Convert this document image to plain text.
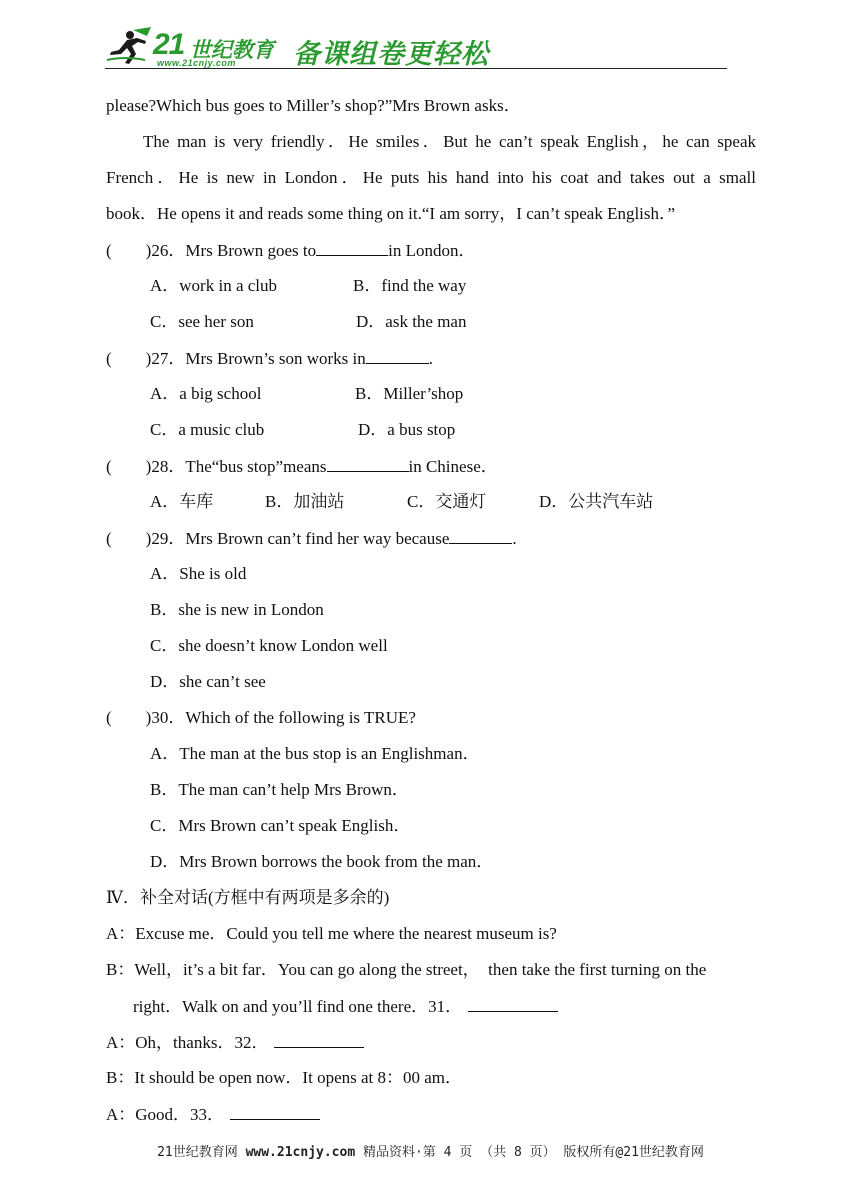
21 世纪教育
www.21cnjy.com 备课组卷更轻松
please?Which bus goes to Miller’s shop?”Mrs Brown asks．
The man is very friendly．He smiles．But he can’t speak English，he can speak
French．He is new in London．He puts his hand into his coat and takes out a small
book．He opens it and reads some thing on it.“I am sorry，I can’t speak English．”
( )26．Mrs Brown goes to	in London．
A．work in a club	B．find the way
C．see her son	D．ask the man
( )27．Mrs Brown’s son works in	.
A．a big school	B．Miller’shop
C．a music club	D．a bus stop
( )28．The“bus stop”means	in Chinese．
A．车库	B．加油站	C．交通灯	D．公共汽车站
( )29．Mrs Brown can’t find her way because	.
A．She is old
B．she is new in London
C．she doesn’t know London well
D．she can’t see
( )30．Which of the following is TRUE?
A．The man at the bus stop is an Englishman．
B．The man can’t help Mrs Brown．
C．Mrs Brown can’t speak English．
D．Mrs Brown borrows the book from the man．
Ⅳ．补全对话(方框中有两项是多余的)
A：Excuse me．Could you tell me where the nearest museum is?
B：Well，it’s a bit far．You can go along the street，  then take the first turning on the
right．Walk on and you’ll find one there．31．
A：Oh，thanks．32．
B：It should be open now．It opens at 8：00 am．
A：Good．33．
21世纪教育网 www.21cnjy.com 精品资料·第 4 页 （共 8 页） 版权所有@21世纪教育网
